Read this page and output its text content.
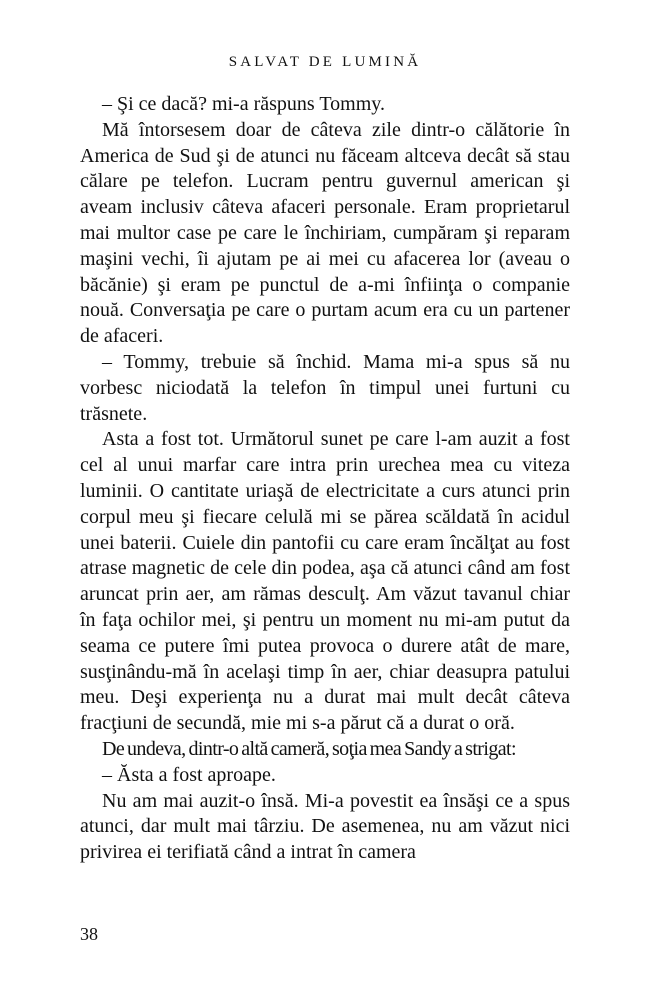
SALVAT DE LUMINĂ

– Şi ce dacă? mi-a răspuns Tommy.

Mă întorsesem doar de câteva zile dintr-o călătorie în America de Sud şi de atunci nu făceam altceva decât să stau călare pe telefon. Lucram pentru guvernul american şi aveam inclusiv câteva afaceri personale. Eram proprietarul mai multor case pe care le închiriam, cumpăram şi reparam maşini vechi, îi ajutam pe ai mei cu afacerea lor (aveau o băcănie) şi eram pe punctul de a-mi înfiinţa o companie nouă. Conversaţia pe care o purtam acum era cu un partener de afaceri.

– Tommy, trebuie să închid. Mama mi-a spus să nu vorbesc niciodată la telefon în timpul unei furtuni cu trăsnete.

Asta a fost tot. Următorul sunet pe care l-am auzit a fost cel al unui marfar care intra prin urechea mea cu viteza luminii. O cantitate uriaşă de electricitate a curs atunci prin corpul meu şi fiecare celulă mi se părea scăldată în acidul unei baterii. Cuiele din pantofii cu care eram încălţat au fost atrase magnetic de cele din podea, aşa că atunci când am fost aruncat prin aer, am rămas desculţ. Am văzut tavanul chiar în faţa ochilor mei, şi pentru un moment nu mi-am putut da seama ce putere îmi putea provoca o durere atât de mare, susţinându-mă în acelaşi timp în aer, chiar deasupra patului meu. Deşi experienţa nu a durat mai mult decât câteva fracţiuni de secundă, mie mi s-a părut că a durat o oră.

De undeva, dintr-o altă cameră, soţia mea Sandy a strigat:

– Ăsta a fost aproape.

Nu am mai auzit-o însă. Mi-a povestit ea însăşi ce a spus atunci, dar mult mai târziu. De asemenea, nu am văzut nici privirea ei terifiată când a intrat în camera

38
